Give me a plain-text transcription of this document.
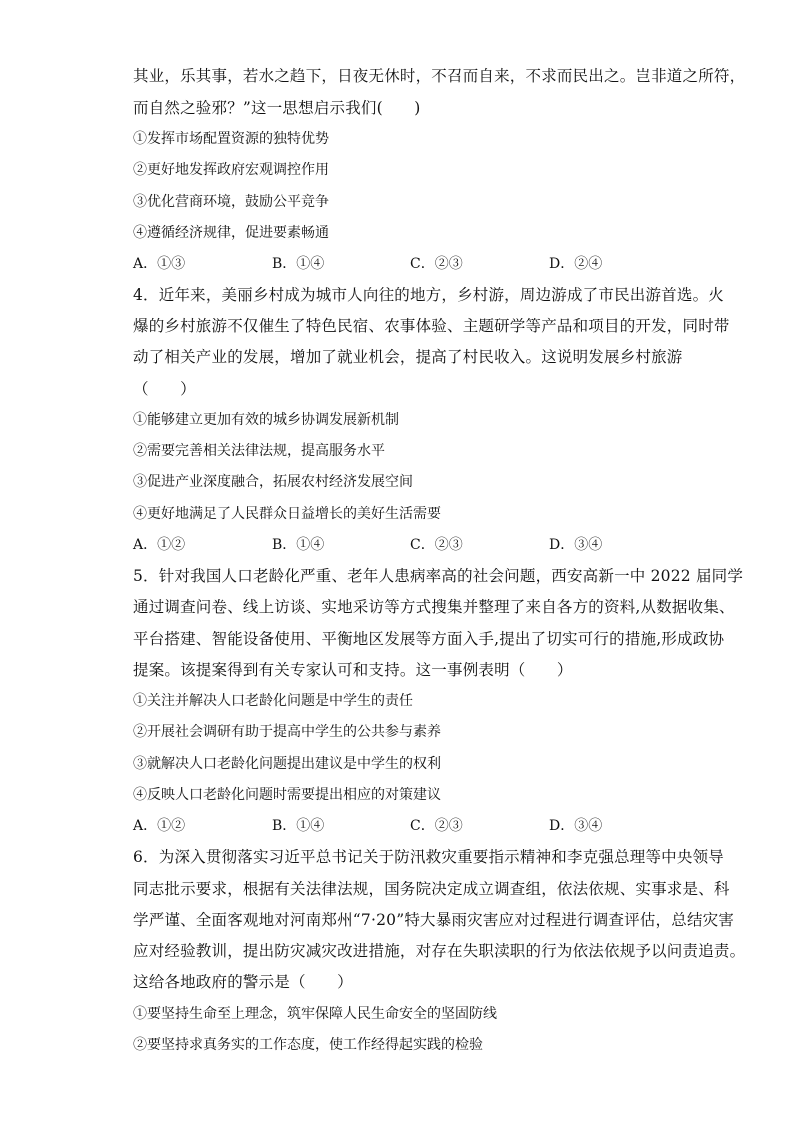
其业，乐其事，若水之趋下，日夜无休时，不召而自来，不求而民出之。岂非道之所符，
而自然之验邪？”这一思想启示我们(　　)
①发挥市场配置资源的独特优势
②更好地发挥政府宏观调控作用
③优化营商环境，鼓励公平竞争
④遵循经济规律，促进要素畅通
A．①③	B．①④	C．②③	D．②④
4．近年来，美丽乡村成为城市人向往的地方，乡村游，周边游成了市民出游首选。火
爆的乡村旅游不仅催生了特色民宿、农事体验、主题研学等产品和项目的开发，同时带
动了相关产业的发展，增加了就业机会，提高了村民收入。这说明发展乡村旅游
（　　）
①能够建立更加有效的城乡协调发展新机制
②需要完善相关法律法规，提高服务水平
③促进产业深度融合，拓展农村经济发展空间
④更好地满足了人民群众日益增长的美好生活需要
A．①②	B．①④	C．②③	D．③④
5．针对我国人口老龄化严重、老年人患病率高的社会问题，西安高新一中 2022 届同学
通过调查问卷、线上访谈、实地采访等方式搜集并整理了来自各方的资料,从数据收集、
平台搭建、智能设备使用、平衡地区发展等方面入手,提出了切实可行的措施,形成政协
提案。该提案得到有关专家认可和支持。这一事例表明（　　）
①关注并解决人口老龄化问题是中学生的责任
②开展社会调研有助于提高中学生的公共参与素养
③就解决人口老龄化问题提出建议是中学生的权利
④反映人口老龄化问题时需要提出相应的对策建议
A．①②	B．①④	C．②③	D．③④
6．为深入贯彻落实习近平总书记关于防汛救灾重要指示精神和李克强总理等中央领导
同志批示要求，根据有关法律法规，国务院决定成立调查组，依法依规、实事求是、科
学严谨、全面客观地对河南郑州“7·20”特大暴雨灾害应对过程进行调查评估，总结灾害
应对经验教训，提出防灾减灾改进措施，对存在失职渎职的行为依法依规予以问责追责。
这给各地政府的警示是（　　）
①要坚持生命至上理念，筑牢保障人民生命安全的坚固防线
②要坚持求真务实的工作态度，使工作经得起实践的检验
